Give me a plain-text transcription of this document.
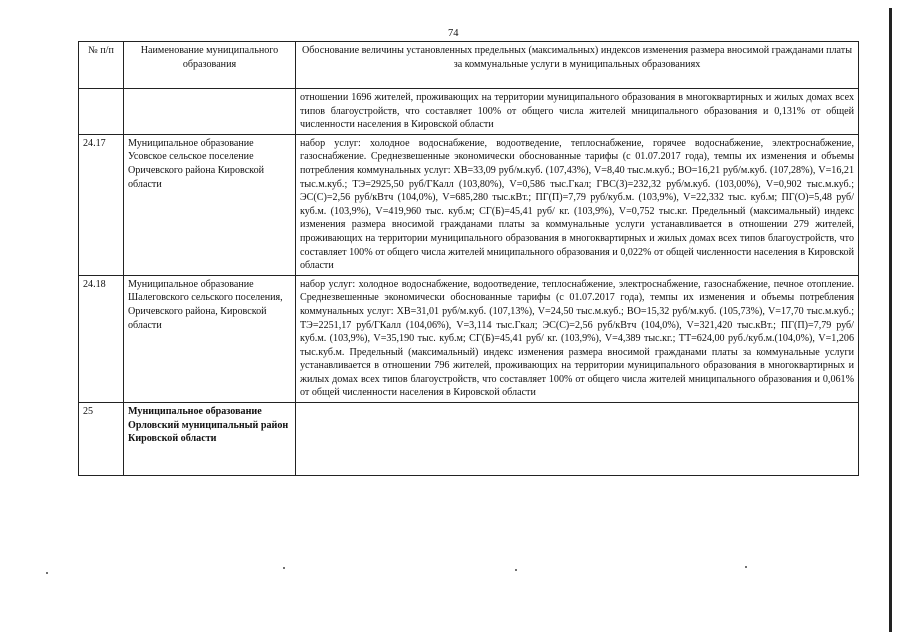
74
№ п/п	Наименование муниципального образования	Обоснование величины установленных предельных (максимальных) индексов изменения размера вносимой гражданами платы за коммунальные услуги в муниципальных образованиях
		отношении 1696 жителей, проживающих на территории муниципального образования в многоквартирных и жилых домах всех типов благоустройств, что составляет 100% от общего числа жителей мниципального образования и 0,131% от общей численности населения в Кировской области
24.17	Муниципальное образование Усовское сельское поселение Оричевского района Кировской области	набор услуг: холодное водоснабжение, водоотведение, теплоснабжение, горячее водоснабжение, электроснабжение, газоснабжение. Среднезвешенные экономически обоснованные тарифы (с 01.07.2017 года), темпы их изменения и объемы потребления коммунальных услуг: ХВ=33,09 руб/м.куб. (107,43%), V=8,40 тыс.м.куб.; ВО=16,21 руб/м.куб. (107,28%), V=16,21 тыс.м.куб.; ТЭ=2925,50 руб/ГКалл (103,80%), V=0,586 тыс.Гкал; ГВС(З)=232,32 руб/м.куб. (103,00%), V=0,902 тыс.м.куб.; ЭС(С)=2,56 руб/кВтч (104,0%), V=685,280 тыс.кВт.; ПГ(П)=7,79 руб/куб.м. (103,9%), V=22,332 тыс. куб.м; ПГ(О)=5,48 руб/куб.м. (103,9%), V=419,960 тыс. куб.м; СГ(Б)=45,41 руб/ кг. (103,9%), V=0,752 тыс.кг. Предельный (максимальный) индекс изменения размера вносимой гражданами платы за коммунальные услуги устанавливается в отношении 279 жителей, проживающих на территории муниципального образования в многоквартирных и жилых домах всех типов благоустройств, что составляет 100% от общего числа жителей мниципального образования и 0,022% от общей численности населения в Кировской области
24.18	Муниципальное образование Шалеговского сельского поселения, Оричевского района, Кировской области	набор услуг: холодное водоснабжение, водоотведение, теплоснабжение, электроснабжение, газоснабжение, печное отопление. Среднезвешенные экономически обоснованные тарифы (с 01.07.2017 года), темпы их изменения и объемы потребления коммунальных услуг: ХВ=31,01 руб/м.куб. (107,13%), V=24,50 тыс.м.куб.; ВО=15,32 руб/м.куб. (105,73%), V=17,70 тыс.м.куб.; ТЭ=2251,17 руб/ГКалл (104,06%), V=3,114 тыс.Гкал; ЭС(С)=2,56 руб/кВтч (104,0%), V=321,420 тыс.кВт.; ПГ(П)=7,79 руб/куб.м. (103,9%), V=35,190 тыс. куб.м; СГ(Б)=45,41 руб/ кг. (103,9%), V=4,389 тыс.кг.; ТТ=624,00 руб./куб.м.(104,0%), V=1,206 тыс.куб.м. Предельный (максимальный) индекс изменения размера вносимой гражданами платы за коммунальные услуги устанавливается в отношении 796 жителей, проживающих на территории муниципального образования в многоквартирных и жилых домах всех типов благоустройств, что составляет 100% от общего числа жителей мниципального образования и 0,061% от общей численности населения в Кировской области
25	Муниципальное образование Орловский муниципальный район Кировской области	
